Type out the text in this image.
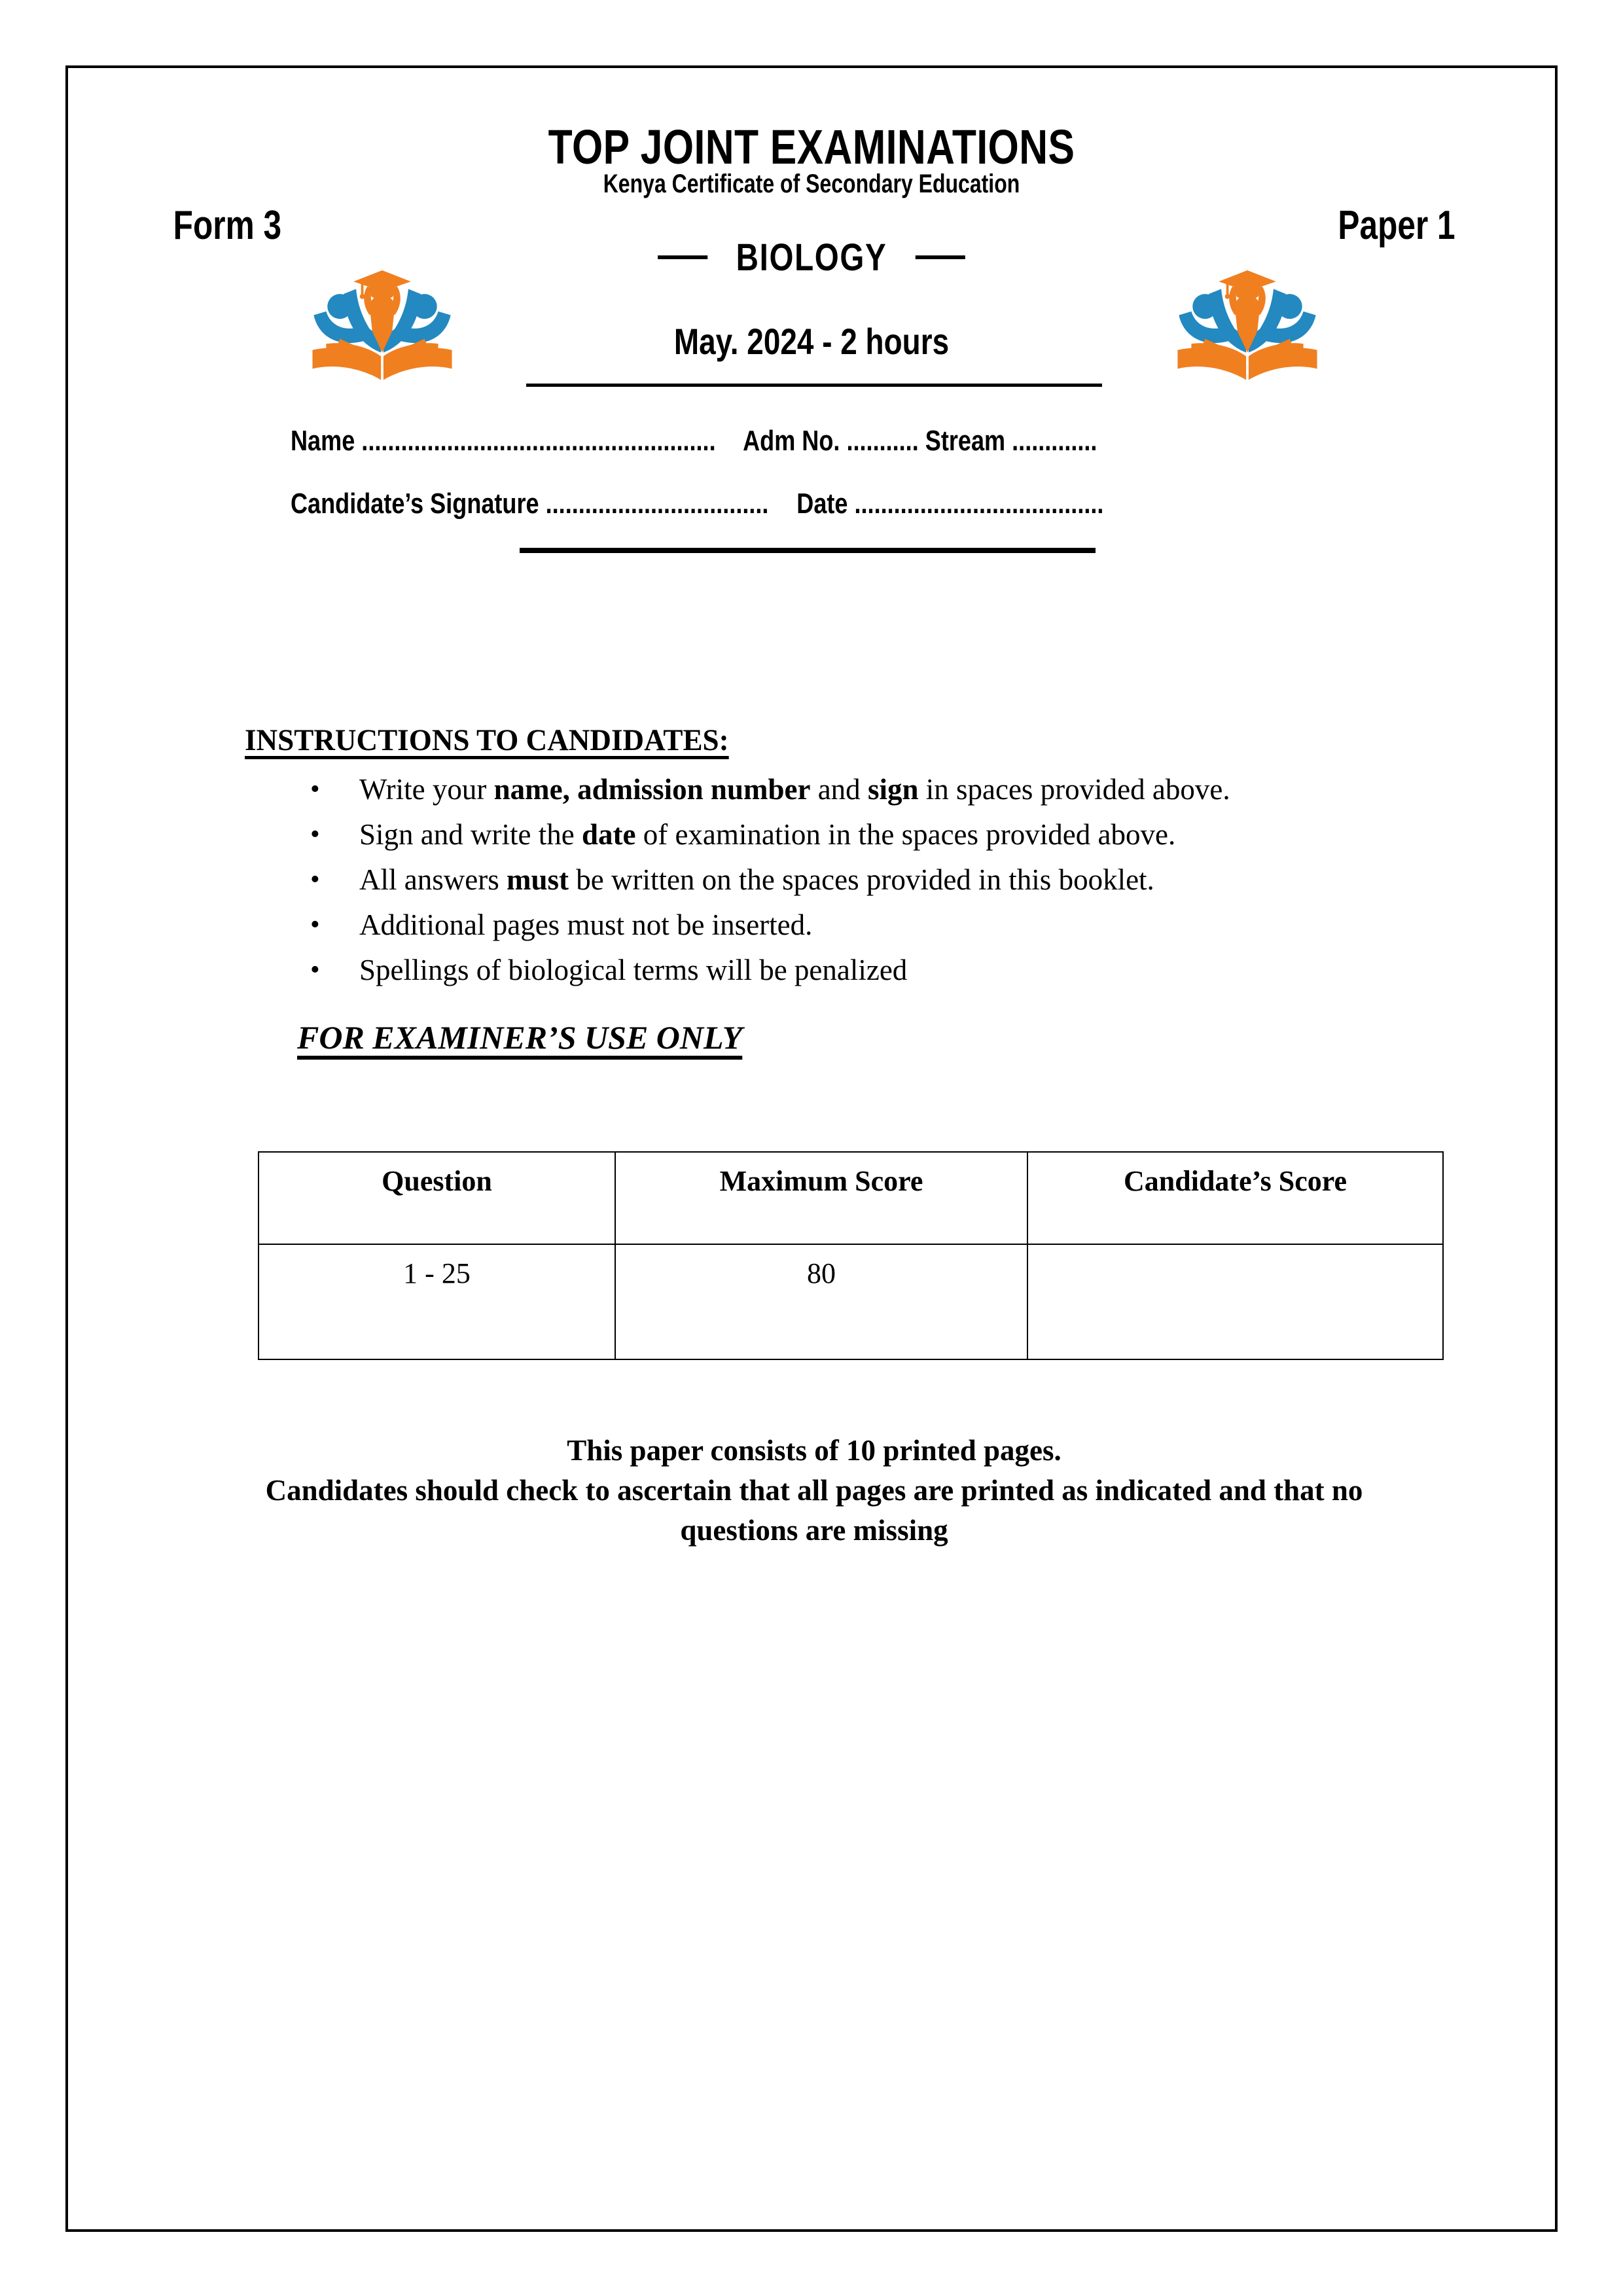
TOP JOINT EXAMINATIONS
Kenya Certificate of Secondary Education
Form 3	Paper 1
— BIOLOGY —
May. 2024 - 2 hours
Name ...................................................... Adm No. ........... Stream .............
Candidate’s Signature .................................. Date ......................................
INSTRUCTIONS TO CANDIDATES:
• Write your name, admission number and sign in spaces provided above.
• Sign and write the date of examination in the spaces provided above.
• All answers must be written on the spaces provided in this booklet.
• Additional pages must not be inserted.
• Spellings of biological terms will be penalized
FOR EXAMINER’S USE ONLY
Question	Maximum Score	Candidate’s Score
1 - 25	80	
This paper consists of 10 printed pages.
Candidates should check to ascertain that all pages are printed as indicated and that no
questions are missing
